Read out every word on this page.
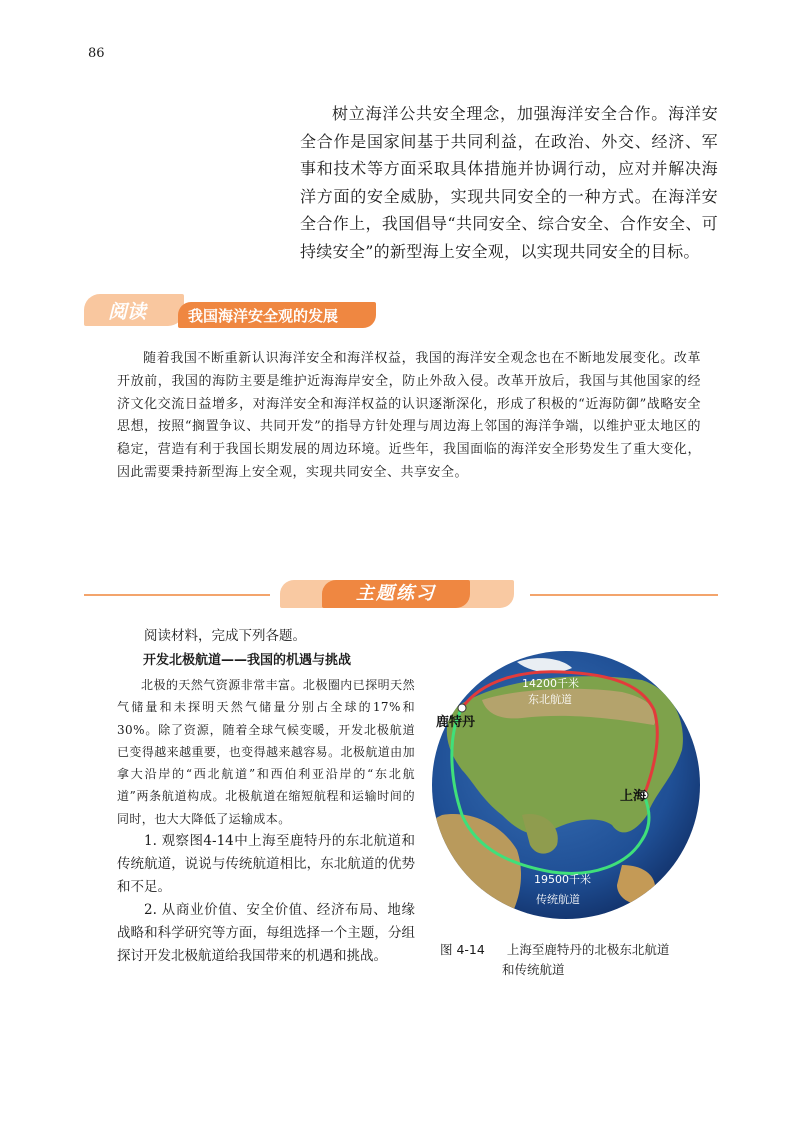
86
树立海洋公共安全理念，加强海洋安全合作。海洋安全合作是国家间基于共同利益，在政治、外交、经济、军事和技术等方面采取具体措施并协调行动，应对并解决海洋方面的安全威胁，实现共同安全的一种方式。在海洋安全合作上，我国倡导“共同安全、综合安全、合作安全、可持续安全”的新型海上安全观，以实现共同安全的目标。
阅读	我国海洋安全观的发展
随着我国不断重新认识海洋安全和海洋权益，我国的海洋安全观念也在不断地发展变化。改革开放前，我国的海防主要是维护近海海岸安全，防止外敌入侵。改革开放后，我国与其他国家的经济文化交流日益增多，对海洋安全和海洋权益的认识逐渐深化，形成了积极的“近海防御”战略安全思想，按照“搁置争议、共同开发”的指导方针处理与周边海上邻国的海洋争端，以维护亚太地区的稳定，营造有利于我国长期发展的周边环境。近些年，我国面临的海洋安全形势发生了重大变化，因此需要秉持新型海上安全观，实现共同安全、共享安全。
主题练习
阅读材料，完成下列各题。
开发北极航道——我国的机遇与挑战
北极的天然气资源非常丰富。北极圈内已探明天然气储量和未探明天然气储量分别占全球的17%和30%。除了资源，随着全球气候变暖，开发北极航道已变得越来越重要，也变得越来越容易。北极航道由加拿大沿岸的“西北航道”和西伯利亚沿岸的“东北航道”两条航道构成。北极航道在缩短航程和运输时间的同时，也大大降低了运输成本。
1. 观察图4-14中上海至鹿特丹的东北航道和传统航道，说说与传统航道相比，东北航道的优势和不足。
2. 从商业价值、安全价值、经济布局、地缘战略和科学研究等方面，每组选择一个主题，分组探讨开发北极航道给我国带来的机遇和挑战。
鹿特丹
上海
14200千米
东北航道
19500千米
传统航道
图 4-14 上海至鹿特丹的北极东北航道
和传统航道
